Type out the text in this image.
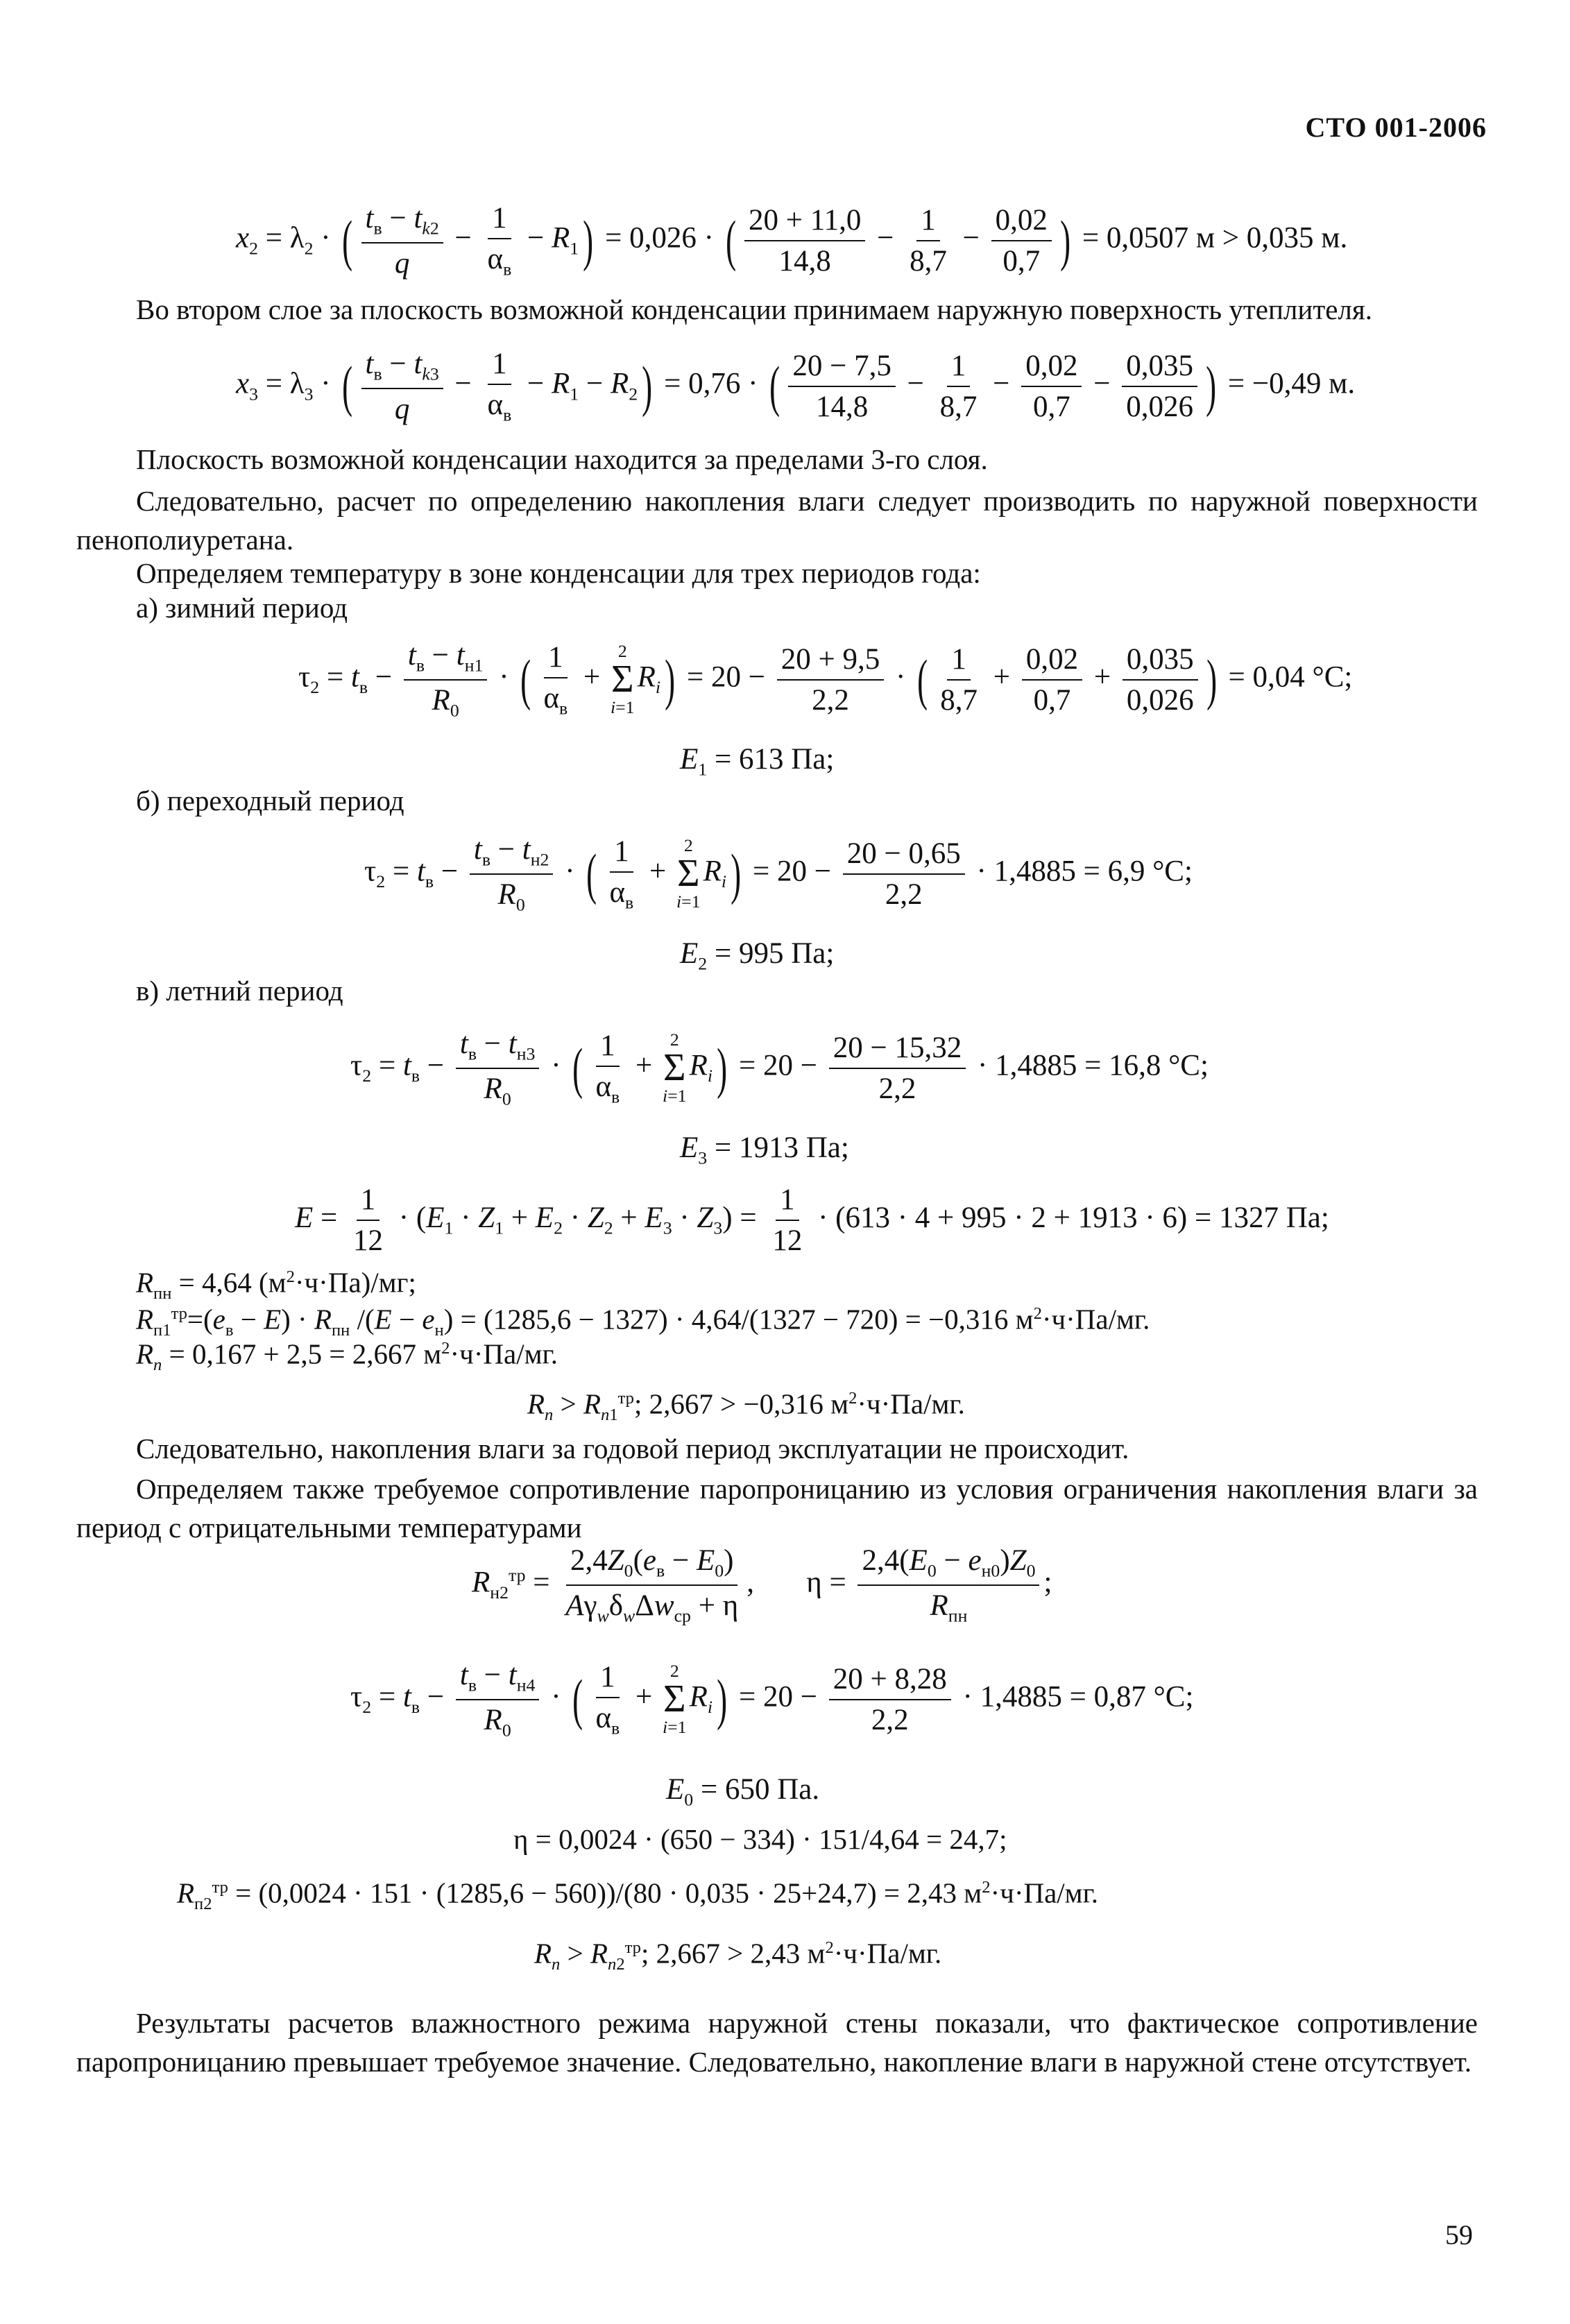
СТО 001-2006
$x_2 = \lambda_2$ · ( $\frac{t_в - t_{k2}}{q} - \frac{1}{\alpha_в} - R_1) = 0,026$ · ( $\frac{20 + 11,0}{14,8} - \frac{1}{8,7} - \frac{0,02}{0,7}$ ) = 0,0507 м > 0,035 м.
Во втором слое за плоскость возможной конденсации принимаем наружную поверхность утеплителя.
$x_3 = \lambda_3$ · ( $\frac{t_в - t_{k3}}{q} - \frac{1}{\alpha_в} - R_1 - R_2) = 0,76$ · ( $\frac{20 - 7,5}{14,8} - \frac{1}{8,7} - \frac{0,02}{0,7} - \frac{0,035}{0,026}$ ) = −0,49 м.
Плоскость возможной конденсации находится за пределами 3-го слоя.
Следовательно, расчет по определению накопления влаги следует производить по наружной поверхности пенополиуретана.
Определяем температуру в зоне конденсации для трех периодов года:
а) зимний период
$\tau_2 = t_в - \frac{t_в - t_{н1}}{R_0}$ · ( $\frac{1}{\alpha_в}$ +
2
Σ
i=1
$R_i) = 20 - \frac{20 + 9,5}{2,2}$ · ( $\frac{1}{8,7} + \frac{0,02}{0,7} + \frac{0,035}{0,026}$ ) = 0,04 °С;
$E_1 = 613$ Па;
б) переходный период
$\tau_2 = t_в - \frac{t_в - t_{н2}}{R_0}$ · ( $\frac{1}{\alpha_в}$ +
2
Σ
i=1
$R_i) = 20 - \frac{20 - 0,65}{2,2} \cdot 1,4885 = 6,9$ °С;
$E_2 = 995$ Па;
в) летний период
$\tau_2 = t_в - \frac{t_в - t_{н3}}{R_0}$ · ( $\frac{1}{\alpha_в}$ +
2
Σ
i=1
$R_i) = 20 - \frac{20 - 15,32}{2,2} \cdot 1,4885 = 16,8$ °С;
$E_3 = 1913$ Па;
$E = \frac{1}{12} \cdot (E_1 \cdot Z_1 + E_2 \cdot Z_2 + E_3 \cdot Z_3) = \frac{1}{12} \cdot (613 \cdot 4 + 995 \cdot 2 + 1913 \cdot 6) = 1327$ Па;
$R_{пн} = 4,64$ $(м^2\cdot ч\cdot Па)/мг$;
$R_{п1}^{тр}=(e_в - E) \cdot R_{пн}$ $/(E - e_н) = (1285,6 - 1327) \cdot 4,64/(1327 - 720) = -0,316$ $м^2\cdot ч\cdot Па/мг$.
$R_п = 0,167 + 2,5 = 2,667$ $м^2\cdot ч\cdot Па/мг$.
$R_п > R_{п1}^{тр}$; 2,667 > −0,316 $м^2\cdot ч\cdot Па/мг$.
Следовательно, накопления влаги за годовой период эксплуатации не происходит.
Определяем также требуемое сопротивление паропроницанию из условия ограничения накопления влаги за период с отрицательными температурами
$R_{н2}^{тр} = \frac{2,4Z_0(e_в - E_0)}{A\gamma_w\delta_w\Delta w_{ср} + \eta}$ ,       $\eta = \frac{2,4(E_0 - e_{н0})Z_0}{R_{пн}}$ ;
$\tau_2 = t_в - \frac{t_в - t_{н4}}{R_0}$ · ( $\frac{1}{\alpha_в}$ +
2
Σ
i=1
$R_i) = 20 - \frac{20 + 8,28}{2,2} \cdot 1,4885 = 0,87$ °С;
$E_0 = 650$ Па.
η = 0,0024 · (650 − 334) · 151/4,64 = 24,7;
$R_{п2}^{тр} = (0,0024 \cdot 151 \cdot (1285,6 - 560))/(80 \cdot 0,035 \cdot 25+24,7) = 2,43$ $м^2\cdot ч\cdot Па/мг$.
$R_п > R_{п2}^{тр}$; 2,667 > 2,43 $м^2\cdot ч\cdot Па/мг$.
Результаты расчетов влажностного режима наружной стены показали, что фактическое сопротивление паропроницанию превышает требуемое значение. Следовательно, накопление влаги в наружной стене отсутствует.
59
